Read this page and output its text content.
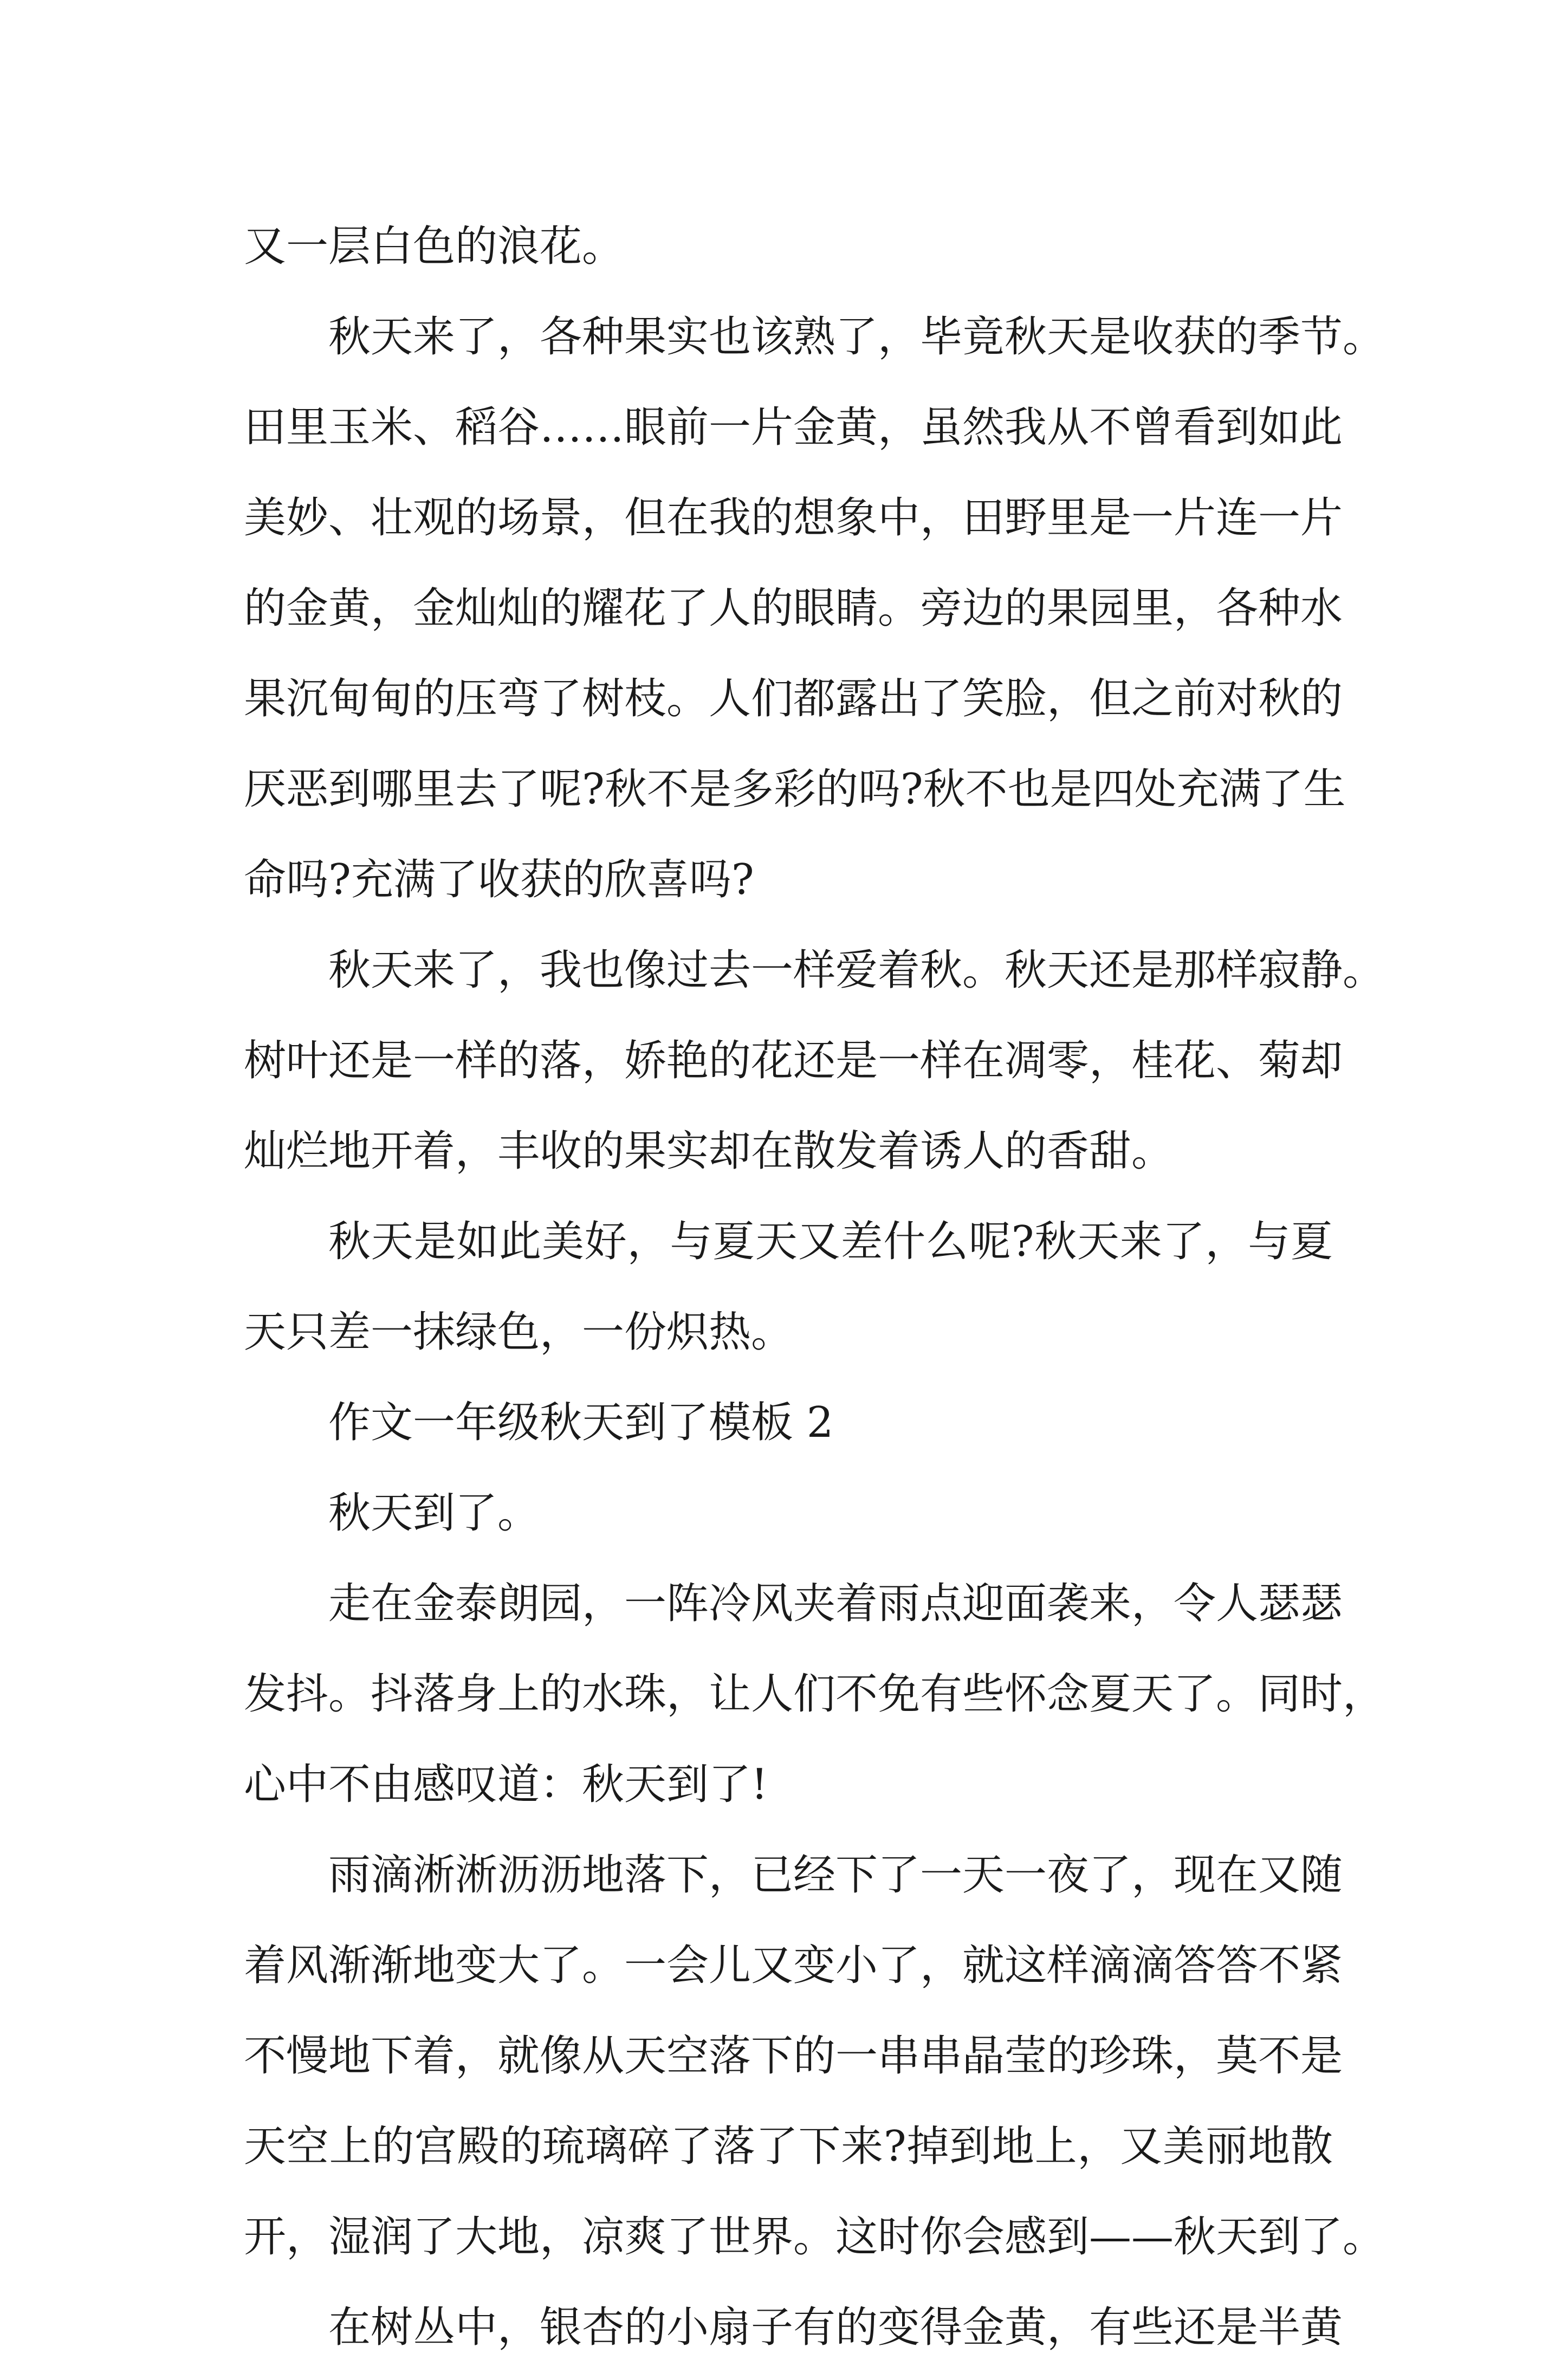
又一层白色的浪花。
秋天来了，各种果实也该熟了，毕竟秋天是收获的季节。
田里玉米、稻谷……眼前一片金黄，虽然我从不曾看到如此
美妙、壮观的场景，但在我的想象中，田野里是一片连一片
的金黄，金灿灿的耀花了人的眼睛。旁边的果园里，各种水
果沉甸甸的压弯了树枝。人们都露出了笑脸，但之前对秋的
厌恶到哪里去了呢?秋不是多彩的吗?秋不也是四处充满了生
命吗?充满了收获的欣喜吗?
秋天来了，我也像过去一样爱着秋。秋天还是那样寂静。
树叶还是一样的落，娇艳的花还是一样在凋零，桂花、菊却
灿烂地开着，丰收的果实却在散发着诱人的香甜。
秋天是如此美好，与夏天又差什么呢?秋天来了，与夏
天只差一抹绿色，一份炽热。
作文一年级秋天到了模板 2
秋天到了。
走在金泰朗园，一阵冷风夹着雨点迎面袭来，令人瑟瑟
发抖。抖落身上的水珠，让人们不免有些怀念夏天了。同时，
心中不由感叹道：秋天到了!
雨滴淅淅沥沥地落下，已经下了一天一夜了，现在又随
着风渐渐地变大了。一会儿又变小了，就这样滴滴答答不紧
不慢地下着，就像从天空落下的一串串晶莹的珍珠，莫不是
天空上的宫殿的琉璃碎了落了下来?掉到地上，又美丽地散
开，湿润了大地，凉爽了世界。这时你会感到——秋天到了。
在树丛中，银杏的小扇子有的变得金黄，有些还是半黄
